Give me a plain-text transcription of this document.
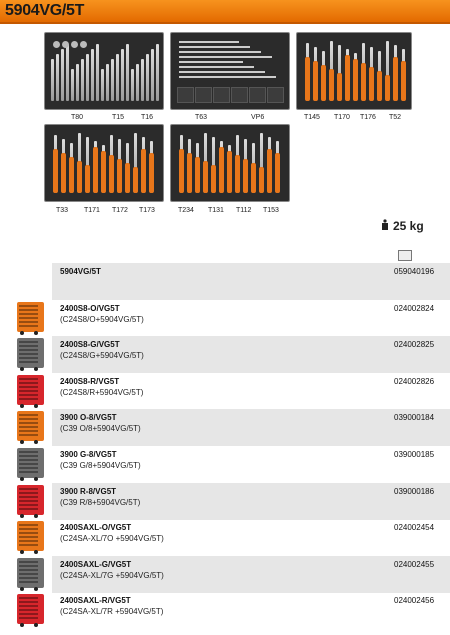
5904VG/5T
T80	T15 T16	T63	VP6	T145 T170 T176 T52
T33 T171 T172 T173	T234 T131 T112 T153
25 kg
5904VG/5T	059040196
2400S8-O/VG5T
(C24S8/O+5904VG/5T)
024002824
2400S8-G/VG5T
(C24S8/G+5904VG/5T)
024002825
2400S8-R/VG5T
(C24S8/R+5904VG/5T)
024002826
3900 O-8/VG5T
(C39 O/8+5904VG/5T)
039000184
3900 G-8/VG5T
(C39 G/8+5904VG/5T)
039000185
3900 R-8/VG5T
(C39 R/8+5904VG/5T)
039000186
2400SAXL-O/VG5T
(C24SA-XL/7O +5904VG/5T)
024002454
2400SAXL-G/VG5T
(C24SA-XL/7G +5904VG/5T)
024002455
2400SAXL-R/VG5T
(C24SA-XL/7R +5904VG/5T)
024002456
